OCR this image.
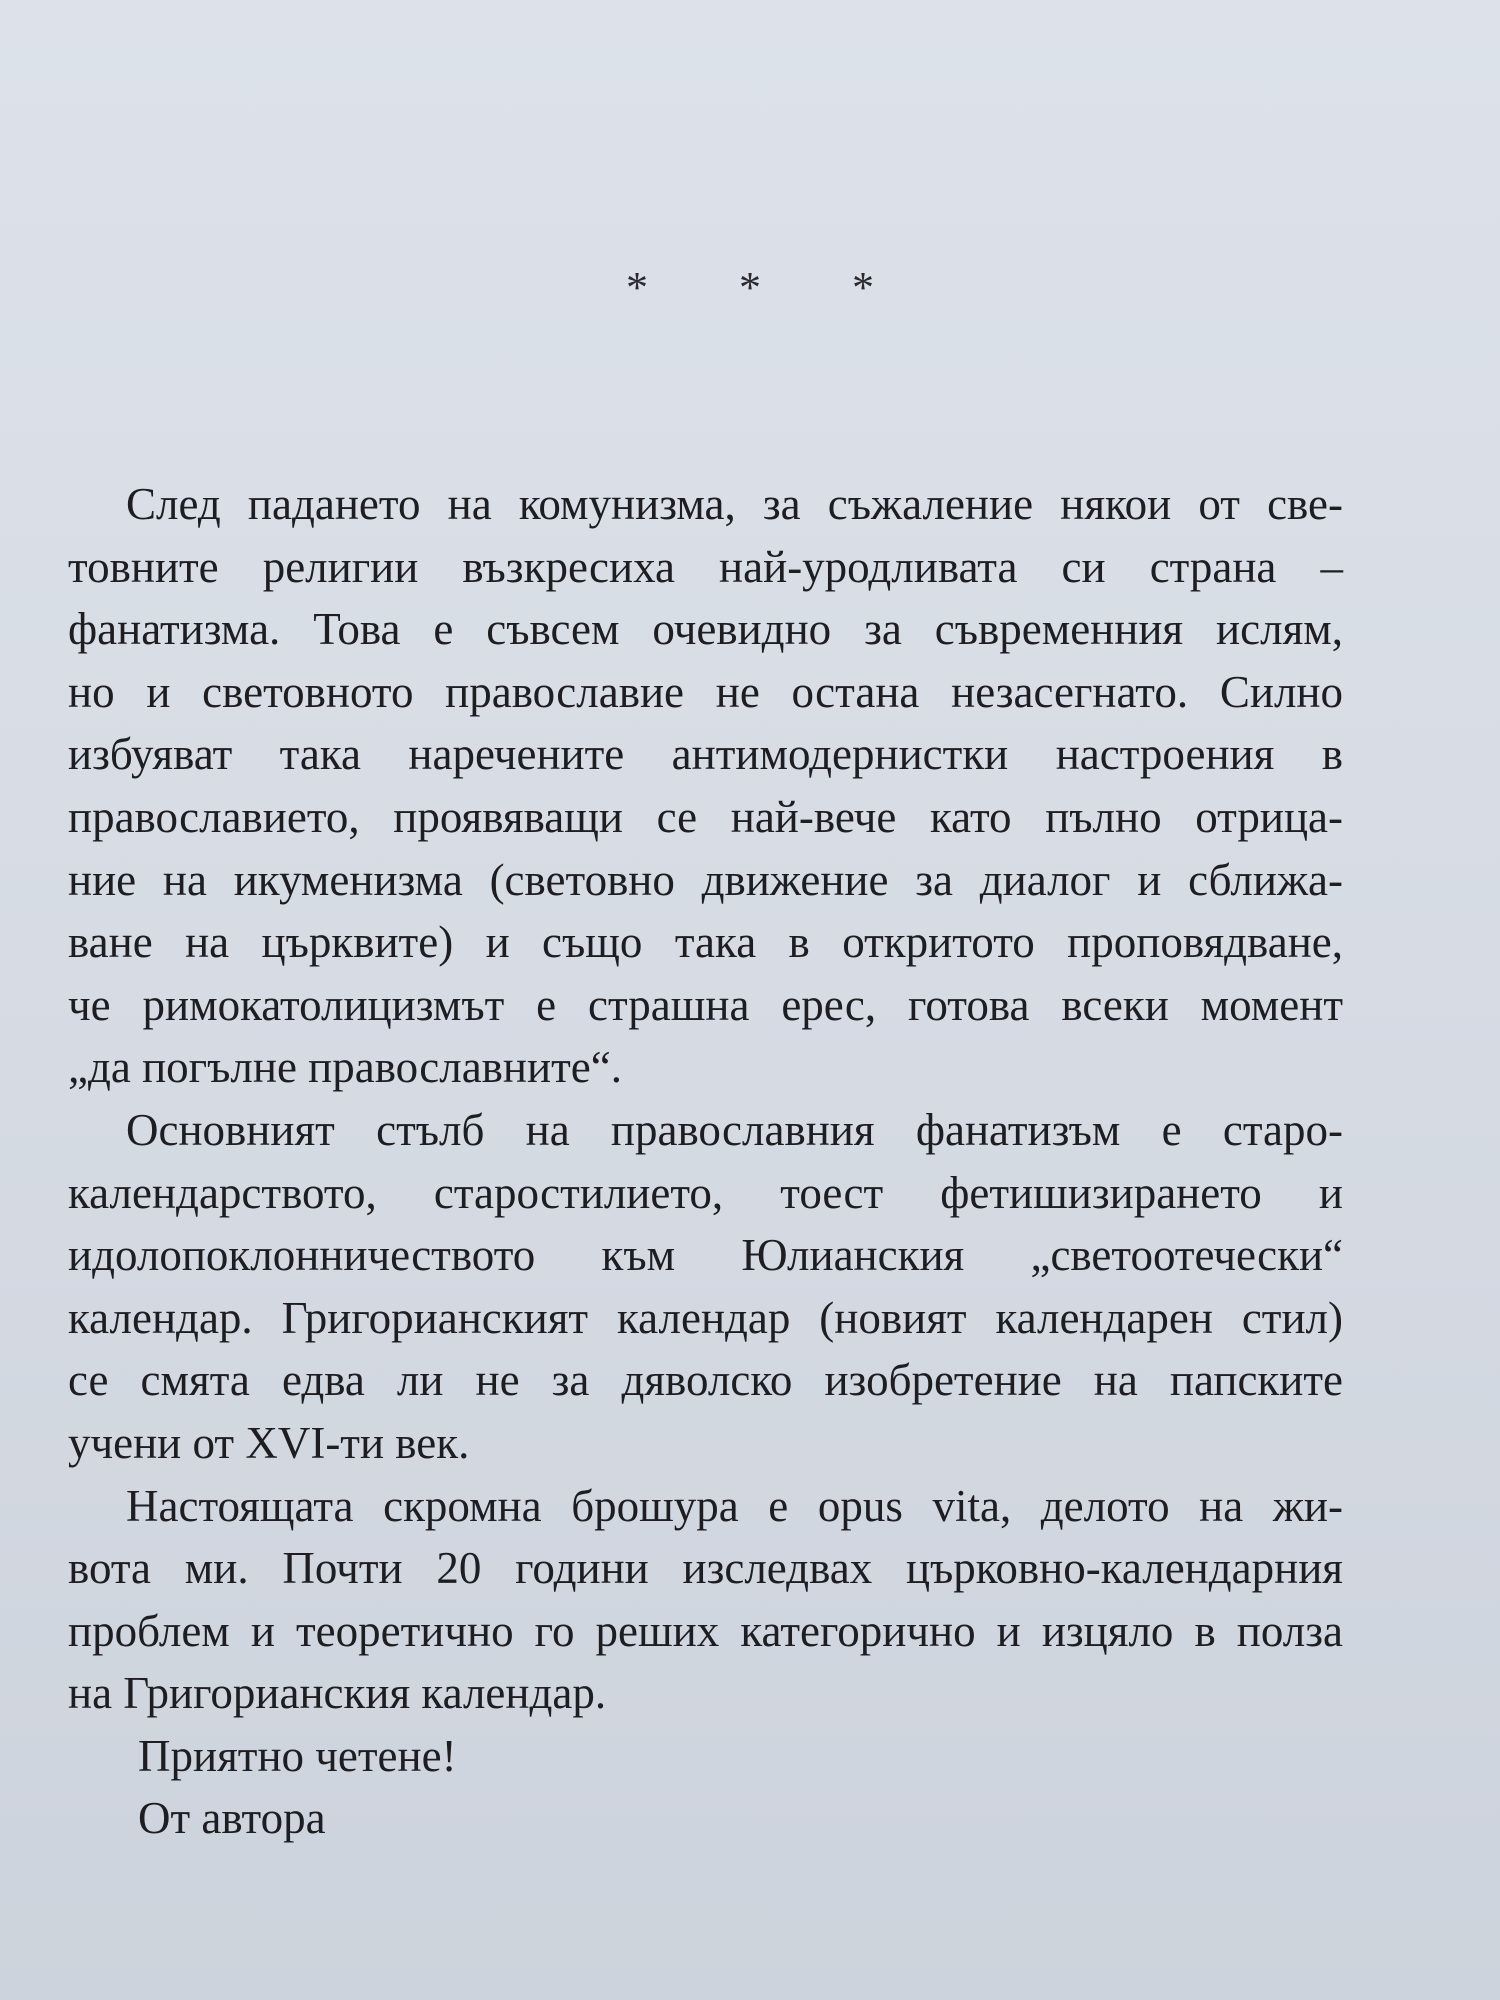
* * *
След падането на комунизма, за съжаление някои от све-
товните религии възкресиха най-уродливата си страна –
фанатизма. Това е съвсем очевидно за съвременния ислям,
но и световното православие не остана незасегнато. Силно
избуяват така наречените антимодернистки настроения в
православието, проявяващи се най-вече като пълно отрица-
ние на икуменизма (световно движение за диалог и сближа-
ване на църквите) и също така в откритото проповядване,
че римокатолицизмът е страшна ерес, готова всеки момент
„да погълне православните“.
Основният стълб на православния фанатизъм е старо-
календарството, старостилието, тоест фетишизирането и
идолопоклонничеството към Юлианския „светоотечески“
календар. Григорианският календар (новият календарен стил)
се смята едва ли не за дяволско изобретение на папските
учени от XVI-ти век.
Настоящата скромна брошура е opus vita, делото на жи-
вота ми. Почти 20 години изследвах църковно-календарния
проблем и теоретично го реших категорично и изцяло в полза
на Григорианския календар.
Приятно четене!
От автора
